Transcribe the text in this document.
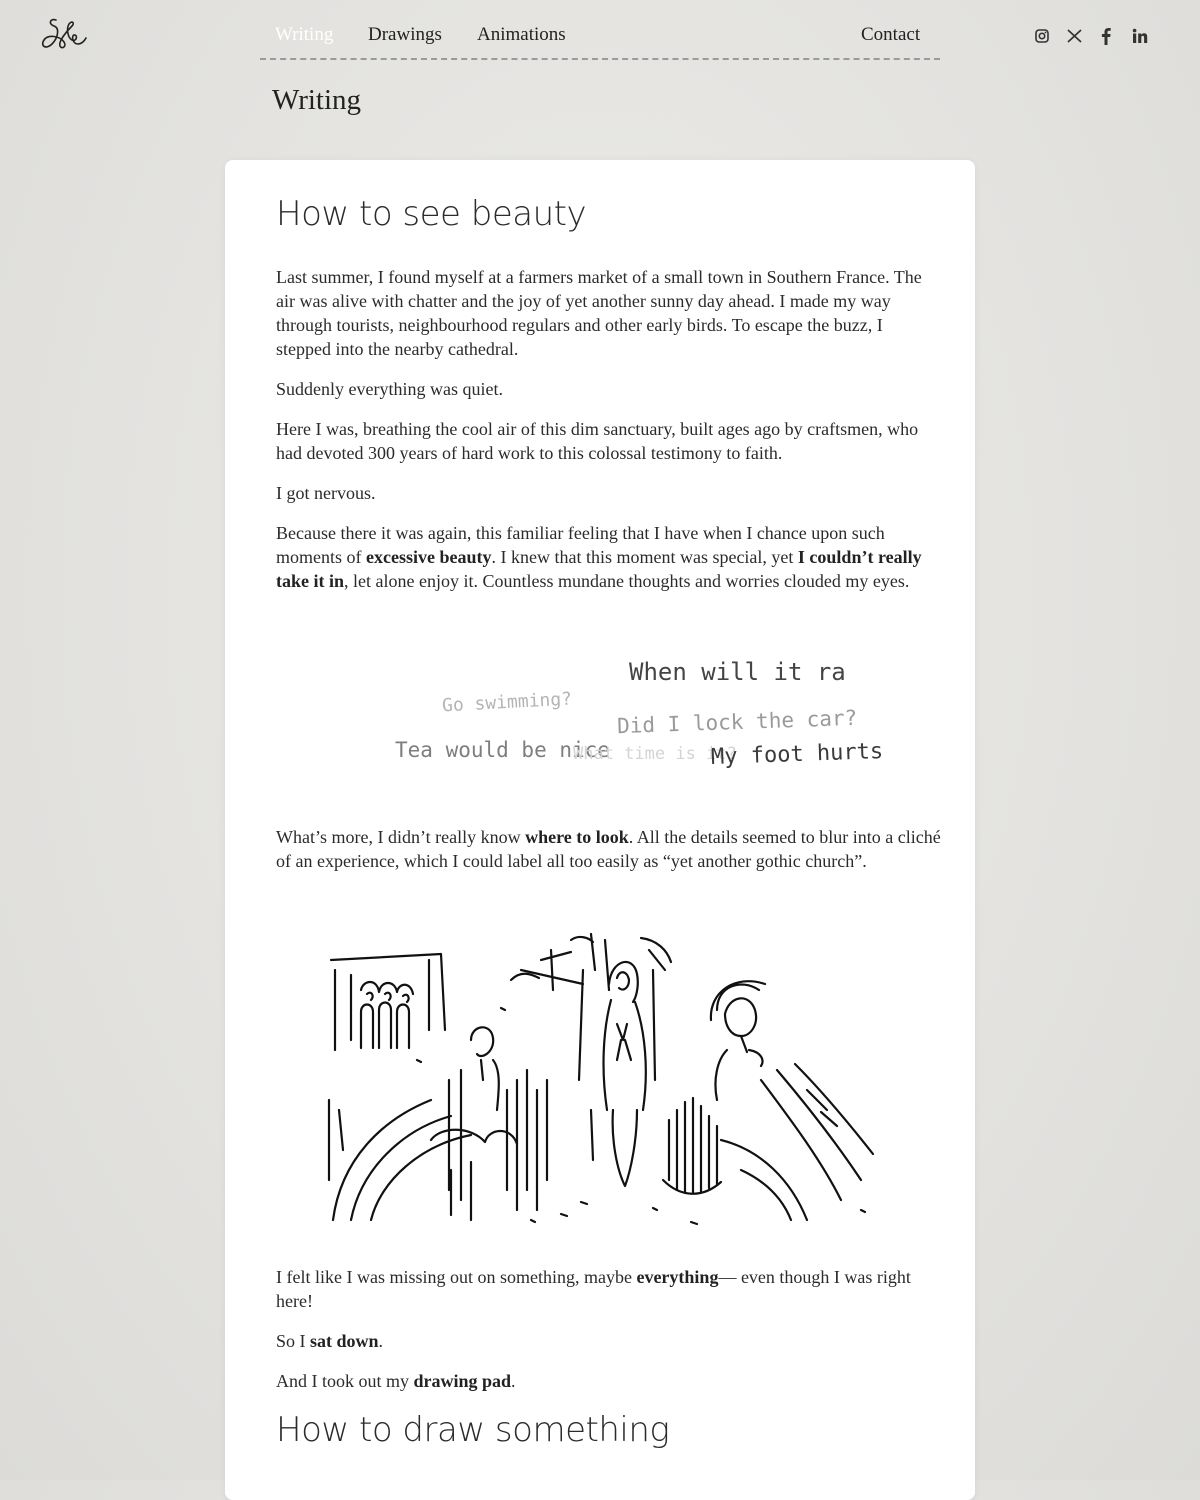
Writing Drawings Animations	Contact
Writing
How to see beauty

Last summer, I found myself at a farmers market of a small town in Southern France. The air was alive with chatter and the joy of yet another sunny day ahead. I made my way through tourists, neighbourhood regulars and other early birds. To escape the buzz, I stepped into the nearby cathedral.

Suddenly everything was quiet.

Here I was, breathing the cool air of this dim sanctuary, built ages ago by craftsmen, who had devoted 300 years of hard work to this colossal testimony to faith.

I got nervous.

Because there it was again, this familiar feeling that I have when I chance upon such moments of excessive beauty. I knew that this moment was special, yet I couldn’t really take it in, let alone enjoy it. Countless mundane thoughts and worries clouded my eyes.

When will it ra
Go swimming?
Did I lock the car?
Tea would be nice
What time is it?
My foot hurts

What’s more, I didn’t really know where to look. All the details seemed to blur into a cliché of an experience, which I could label all too easily as “yet another gothic church”.

I felt like I was missing out on something, maybe everything— even though I was right here!

So I sat down.

And I took out my drawing pad.

How to draw something
